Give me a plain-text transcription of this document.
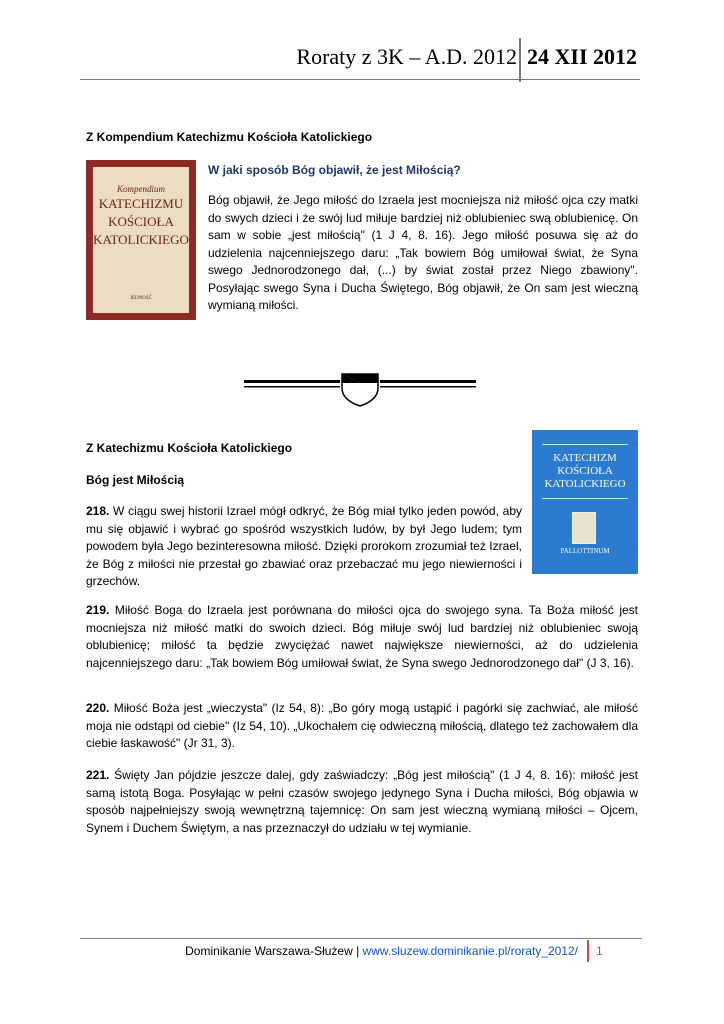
Roraty z 3K – A.D. 2012 24 XII 2012
Z Kompendium Katechizmu Kościoła Katolickiego
Kompendium
KATECHIZMU
KOŚCIOŁA
KATOLICKIEGO
JEDNOŚĆ
W jaki sposób Bóg objawił, że jest Miłością?
Bóg objawił, że Jego miłość do Izraela jest mocniejsza niż miłość ojca czy matki do swych dzieci i że swój lud miłuje bardziej niż oblubieniec swą oblubienicę. On sam w sobie „jest miłością" (1 J 4, 8. 16). Jego miłość posuwa się aż do udzielenia najcenniejszego daru: „Tak bowiem Bóg umiłował świat, że Syna swego Jednorodzonego dał, (...) by świat został przez Niego zbawiony". Posyłając swego Syna i Ducha Świętego, Bóg objawił, że On sam jest wieczną wymianą miłości.
Z Katechizmu Kościoła Katolickiego
Bóg jest Miłością
KATECHIZM
KOŚCIOŁA
KATOLICKIEGO
PALLOTTINUM
218. W ciągu swej historii Izrael mógł odkryć, że Bóg miał tylko jeden powód, aby mu się objawić i wybrać go spośród wszystkich ludów, by był Jego ludem; tym powodem była Jego bezinteresowna miłość. Dzięki prorokom zrozumiał też Izrael, że Bóg z miłości nie przestał go zbawiać oraz przebaczać mu jego niewierności i grzechów.
219. Miłość Boga do Izraela jest porównana do miłości ojca do swojego syna. Ta Boża miłość jest mocniejsza niż miłość matki do swoich dzieci. Bóg miłuje swój lud bardziej niż oblubieniec swoją oblubienicę; miłość ta będzie zwyciężać nawet największe niewierności, aż do udzielenia najcenniejszego daru: „Tak bowiem Bóg umiłował świat, że Syna swego Jednorodzonego dał" (J 3, 16).
220. Miłość Boża jest „wieczysta" (Iz 54, 8): „Bo góry mogą ustąpić i pagórki się zachwiać, ale miłość moja nie odstąpi od ciebie" (Iz 54, 10). „Ukochałem cię odwieczną miłością, dlatego też zachowałem dla ciebie łaskawość" (Jr 31, 3).
221. Święty Jan pójdzie jeszcze dalej, gdy zaświadczy: „Bóg jest miłością" (1 J 4, 8. 16): miłość jest samą istotą Boga. Posyłając w pełni czasów swojego jedynego Syna i Ducha miłości, Bóg objawia w sposób najpełniejszy swoją wewnętrzną tajemnicę: On sam jest wieczną wymianą miłości – Ojcem, Synem i Duchem Świętym, a nas przeznaczył do udziału w tej wymianie.
Dominikanie Warszawa-Służew | www.sluzew.dominikanie.pl/roraty_2012/ 1
